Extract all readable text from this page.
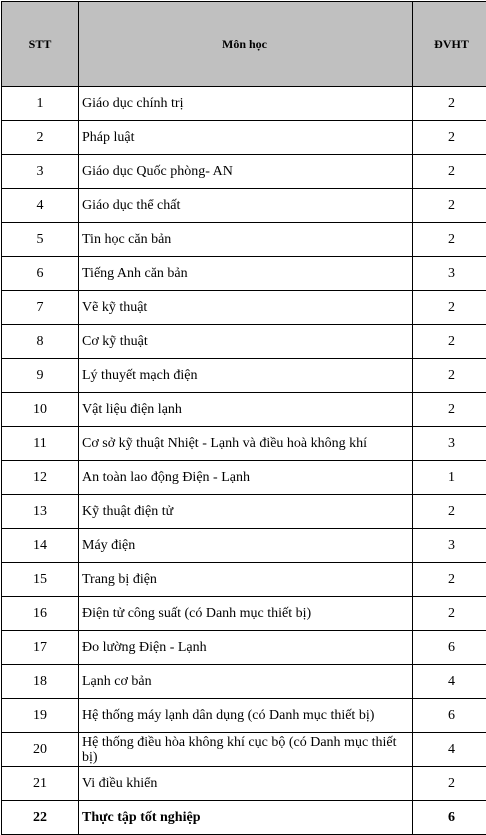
STT	Môn học	ĐVHT
1	Giáo dục chính trị	2
2	Pháp luật	2
3	Giáo dục Quốc phòng- AN	2
4	Giáo dục thể chất	2
5	Tin học căn bản	2
6	Tiếng Anh căn bản	3
7	Vẽ kỹ thuật	2
8	Cơ kỹ thuật	2
9	Lý thuyết mạch điện	2
10	Vật liệu điện lạnh	2
11	Cơ sở kỹ thuật Nhiệt - Lạnh và điều hoà không khí	3
12	An toàn lao động Điện - Lạnh	1
13	Kỹ thuật điện tử	2
14	Máy điện	3
15	Trang bị điện	2
16	Điện tử công suất (có Danh mục thiết bị)	2
17	Đo lường Điện - Lạnh	6
18	Lạnh cơ bản	4
19	Hệ thống máy lạnh dân dụng (có Danh mục thiết bị)	6
20	Hệ thống điều hòa không khí cục bộ (có Danh mục thiết bị)	4
21	Vi điều khiển	2
22	Thực tập tốt nghiệp	6
